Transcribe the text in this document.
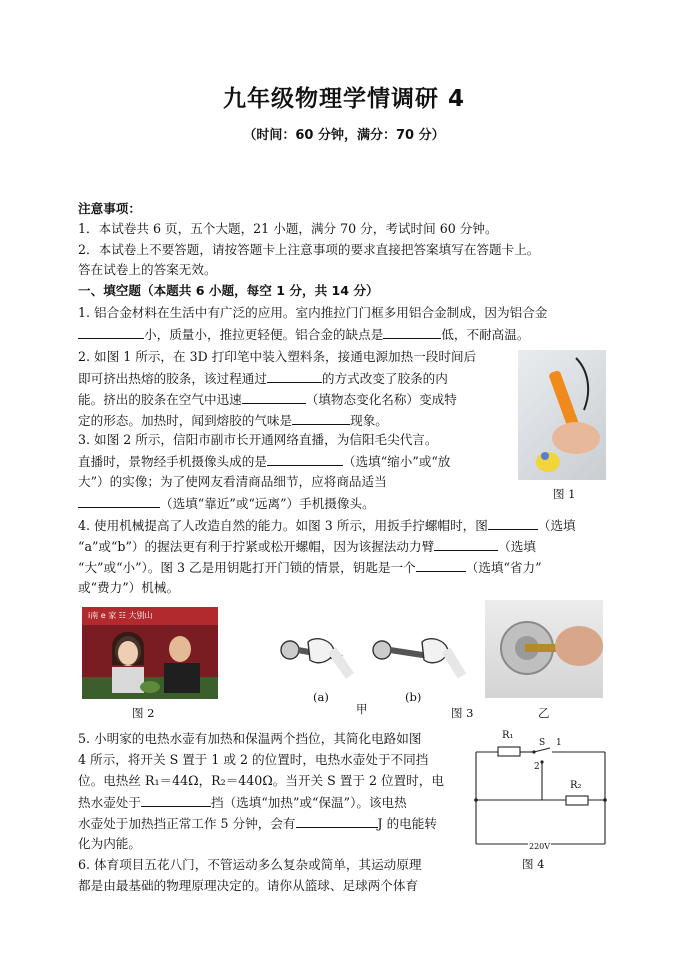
九年级物理学情调研 4
（时间：60 分钟，满分：70 分）
注意事项：
1．本试卷共 6 页，五个大题，21 小题，满分 70 分，考试时间 60 分钟。
2．本试卷上不要答题，请按答题卡上注意事项的要求直接把答案填写在答题卡上。
答在试卷上的答案无效。
一、填空题（本题共 6 小题，每空 1 分，共 14 分）
1. 铝合金材料在生活中有广泛的应用。室内推拉门门框多用铝合金制成，因为铝合金
小，质量小，推拉更轻便。铝合金的缺点是	低，不耐高温。
2. 如图 1 所示，在 3D 打印笔中装入塑料条，接通电源加热一段时间后
即可挤出热熔的胶条，该过程通过	的方式改变了胶条的内
能。挤出的胶条在空气中迅速	（填物态变化名称）变成特
定的形态。加热时，闻到熔胶的气味是	现象。
图 1
3. 如图 2 所示，信阳市副市长开通网络直播，为信阳毛尖代言。
直播时，景物经手机摄像头成的是	（选填“缩小”或“放
大”）的实像；为了使网友看清商品细节，应将商品适当
（选填“靠近”或“远离”）手机摄像头。
4. 使用机械提高了人改造自然的能力。如图 3 所示，用扳手拧螺帽时，图	（选填
“a”或“b”）的握法更有利于拧紧或松开螺帽，因为该握法动力臂	（选填
“大”或“小”）。图 3 乙是用钥匙打开门锁的情景，钥匙是一个	（选填“省力”
或“费力”）机械。
i南 e 家 ☷ 大别山
图 2
(a)	(b)
甲	图 3	乙
5. 小明家的电热水壶有加热和保温两个挡位，其简化电路如图
4 所示，将开关 S 置于 1 或 2 的位置时，电热水壶处于不同挡
位。电热丝 R₁＝44Ω，R₂＝440Ω。当开关 S 置于 2 位置时，电
热水壶处于	挡（选填“加热”或“保温”）。该电热
水壶处于加热挡正常工作 5 分钟，会有	J 的电能转
化为内能。
R₁
S 1
2
R₂
220V
图 4
6. 体育项目五花八门，不管运动多么复杂或简单，其运动原理
都是由最基础的物理原理决定的。请你从篮球、足球两个体育
